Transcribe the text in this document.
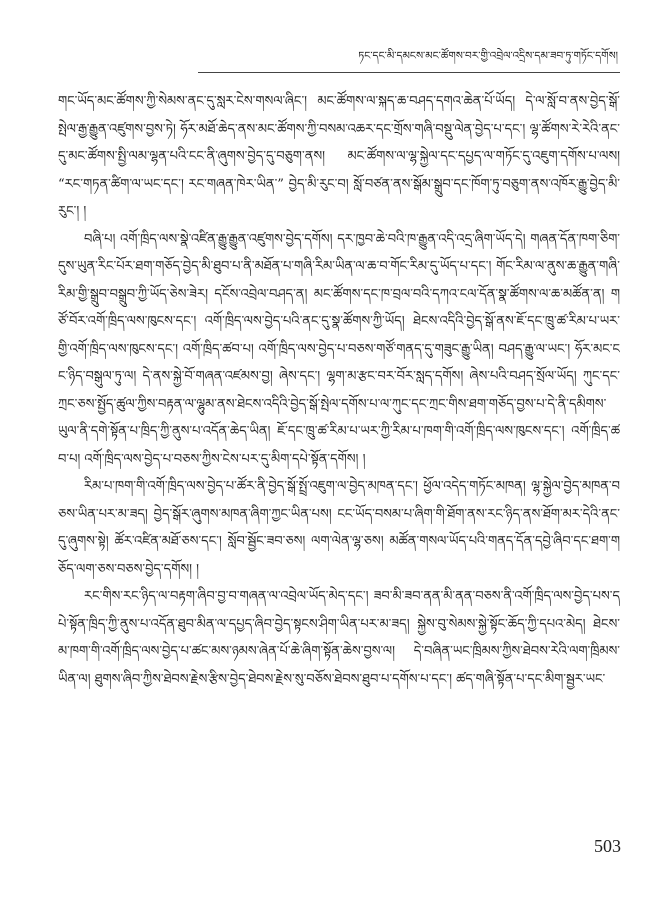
ཏང་དང་མི་དམངས་མང་ཚོགས་བར་གྱི་འབྲེལ་འདྲིས་དམ་ཟབ་ཏུ་གཏོང་དགོས།

གང་ཡོད་མང་ཚོགས་ཀྱི་སེམས་ནང་དུ་སླར་ངེས་གསལ་ཞིང་། མང་ཚོགས་ལ་སྐད་ཆ་བཤད་དགའ་ཆེན་པོ་ཡོད། དེ་ལ་སློ་བ་ནས་བྱེད་སྒོ་སྤེལ་རྒྱ་རྒྱུན་འཛུགས་བྱས་ཏེ། ཧོར་མཐོ་ཆེད་ནས་མང་ཚོགས་ཀྱི་བསམ་འཆར་དང་གྲོས་གཞི་བསྡུ་ལེན་བྱེད་པ་དང་། ལྷ་ཚོགས་རེ་རེའི་ནང་དུ་མང་ཚོགས་སྤྱི་ལམ་ལྷན་པའི་ངང་ནི་ཞུགས་བྱེད་དུ་བཅུག་ནས། མང་ཚོགས་ལ་ལྷ་སྐྱེལ་དང་དཔྱད་ལ་གཏོང་དུ་འཇུག་དགོས་པ་ལས། “རང་གཏན་ཚིག་ལ་ཡང་དང་། རང་གཞན་ཁེར་ཡིན་” བྱེད་མི་རུང་བ། སློ་བཙན་ནས་སྒོམ་སྒྲུབ་དང་ཁོག་ཏུ་བཅུག་ནས་འཁོར་རྒྱུ་བྱེད་མི་རུང་། །

བཞི་པ། འགོ་ཁྲིད་ལས་སྣེ་འཛིན་རྒྱུ་རྒྱུན་འཛུགས་བྱེད་དགོས། དར་ཁྱབ་ཆེ་བའི་ཁ་རྒྱུན་འདི་འདྲ་ཞིག་ཡོད་དེ། གཞན་དོན་ཁག་ཅིག་དུས་ཡུན་རིང་པོར་ཐག་གཅོད་བྱེད་མི་ཐུབ་པ་ནི་མཐོན་པ་གཞི་རིམ་ཡིན་ལ་ཆ་བ་གོང་རིམ་དུ་ཡོད་པ་དང་། གོང་རིམ་ལ་ནུས་ཆ་རྒྱུན་གཞི་རིམ་གྱི་སྒྲུབ་བསྒྲུབ་ཀྱི་ཡོད་ཅེས་ཟེར། དངོས་འབྲེལ་བཤད་ན། མང་ཚོགས་དང་ཁ་བྲལ་བའི་དཀའ་ངལ་དོན་སྣ་ཚོགས་ལ་ཆ་མཚོན་ན། གཙོ་བོར་འགོ་ཁྲིད་ལས་ཁུངས་དང་། འགོ་ཁྲིད་ལས་བྱེད་པའི་ནང་དུ་སྣ་ཚོགས་ཀྱི་ཡོད། ཐེངས་འདིའི་བྱེད་སྒོ་ནས་ཇོ་དང་ཁྲུ་ཚ་རིམ་པ་ཡར་གྱི་འགོ་ཁྲིད་ལས་ཁུངས་དང་། འགོ་ཁྲིད་ཚབ་པ། འགོ་ཁྲིད་ལས་བྱེད་པ་བཅས་གཙོ་གནད་དུ་གཟུང་རྒྱུ་ཡིན། བཤད་རྒྱུ་ལ་ཡང་། ཧོར་མང་ངང་ཉིད་བསྒུལ་ཏུ་ལ། དེ་ནས་སྐྱེ་བོ་གཞན་འཛམས་བྱ། ཞེས་དང་། ལྷག་མ་རྩང་བར་བོར་སླད་དགོས། ཞེས་པའི་བཤད་སྲོལ་ཡོད། ཀུང་དང་ཀྲང་ཅས་སྤྱོད་ཚུལ་ཀྱིས་བརྟན་ལ་ལྷུམ་ནས་ཐེངས་འདིའི་བྱེད་སྒོ་སྤེལ་དགོས་པ་ལ་ཀུང་དང་ཀྲང་གིས་ཐག་གཅོད་བྱས་པ་དེ་ནི་དམིགས་ཡུལ་ནི་དགེ་སྟོན་པ་ཁྲིད་ཀྱི་ནུས་པ་འདོན་ཆེད་ཡིན། ཇོ་དང་ཁྲུ་ཚ་རིམ་པ་ཡར་ཀྱི་རིམ་པ་ཁག་གི་འགོ་ཁྲིད་ལས་ཁུངས་དང་། འགོ་ཁྲིད་ཚབ་པ། འགོ་ཁྲིད་ལས་བྱེད་པ་བཅས་ཀྱིས་ངེས་པར་དུ་མིག་དཔེ་སྟོན་དགོས། །

རིམ་པ་ཁག་གི་འགོ་ཁྲིད་ལས་བྱེད་པ་ཚོར་ནི་བྱེད་སྒོ་སྤྲོ་འཇུག་ལ་བྱེད་མཁན་དང་། ཕྱོལ་འདེད་གཏོང་མཁན། ལྷ་སྐྱེལ་བྱེད་མཁན་བཅས་ཡིན་པར་མ་ཟད། བྱེད་སྒོར་ཞུགས་མཁན་ཞིག་ཀྱང་ཡིན་པས། ངང་ཡོད་བསམ་པ་ཞིག་གི་ཐོག་ནས་རང་ཉིད་ནས་ཐོག་མར་དེའི་ནང་དུ་ཞུགས་སྟེ། ཚོར་འཛིན་མཐོ་ཅས་དང་། སློབ་སྦྱོང་ཟབ་ཅས། ལག་ལེན་ལྷ་ཅས། མཚོན་གསལ་ཡོད་པའི་གནད་དོན་དབྱེ་ཞིབ་དང་ཐག་གཅོད་ལག་ཅས་བཅས་བྱེད་དགོས། །

རང་གིས་རང་ཉིད་ལ་བརྟག་ཞིབ་བྱ་བ་གཞན་ལ་འབྲེལ་ཡོད་མེད་དང་། ཟབ་མི་ཟབ་ནན་མི་ནན་བཅས་ནི་འགོ་ཁྲིད་ལས་བྱེད་པས་དཔེ་སྟོན་ཁྲིད་ཀྱི་ནུས་པ་འདོན་ཐུབ་མིན་ལ་དཔྱད་ཞིབ་བྱེད་སྟངས་ཤིག་ཡིན་པར་མ་ཟད། སྐྱེས་བུ་སེམས་སྐྱེ་སྟོང་ཆོད་ཀྱི་དཔའ་མེད། ཐེངས་མ་ཁག་གི་འགོ་ཁྲིད་ལས་བྱེད་པ་ཚང་མས་ཉམས་ཞེན་པོ་ཆེ་ཞིག་སྟོན་ཆེས་བྱས་ལ། དེ་བཞིན་ཡང་ཁྲིམས་ཀྱིས་ཐེབས་རེའི་ལག་ཁྲིམས་ཡིན་ལ། ཐུགས་ཞིབ་ཀྱིས་ཐེབས་རྗེས་རྩིས་བྱེད་ཐེབས་རྗེས་སུ་བཅོས་ཐེབས་ཐུབ་པ་དགོས་པ་དང་། ཚད་གཞི་སྟོན་པ་དང་མིག་སྦྱར་ཡང་

503
